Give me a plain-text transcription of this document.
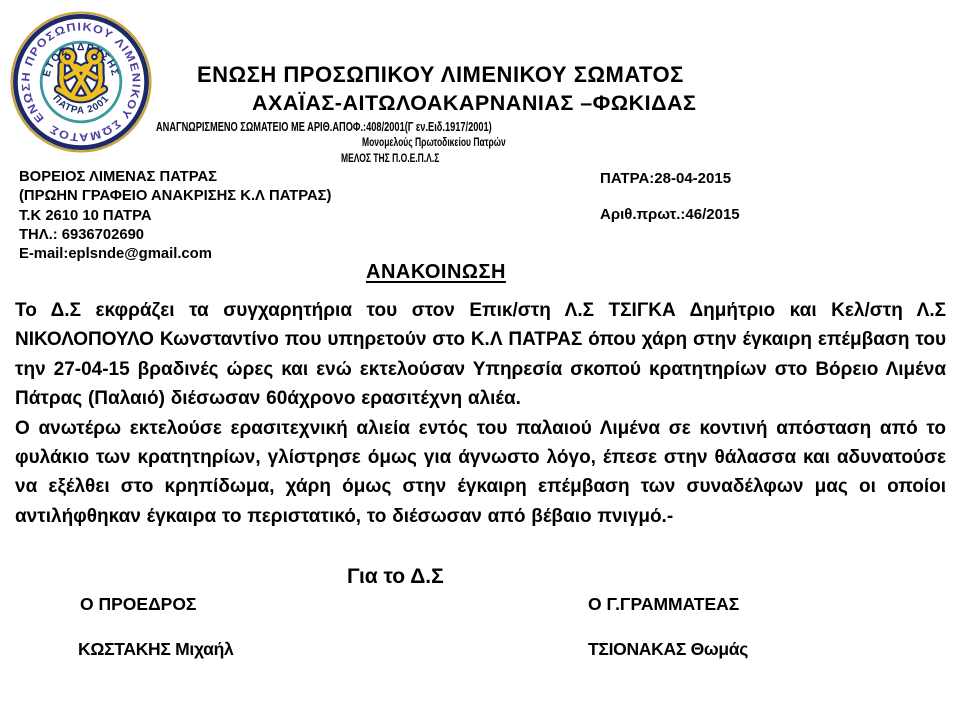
ΕΝΩΣΗ ΠΡΟΣΩΠΙΚΟΥ ΛΙΜΕΝΙΚΟΥ ΣΩΜΑΤΟΣ
ΕΤΟΣ ΙΔΡΥΣΗΣ
ΠΑΤΡΑ 2001
ΕΝΩΣΗ ΠΡΟΣΩΠΙΚΟΥ ΛΙΜΕΝΙΚΟΥ ΣΩΜΑΤΟΣ
ΑΧΑΪΑΣ-ΑΙΤΩΛΟΑΚΑΡΝΑΝΙΑΣ –ΦΩΚΙΔΑΣ
ΑΝΑΓΝΩΡΙΣΜΕΝΟ ΣΩΜΑΤΕΙΟ ΜΕ ΑΡΙΘ.ΑΠΟΦ.:408/2001(Γ εν.Ειδ.1917/2001)
Μονομελούς Πρωτοδικείου Πατρών
ΜΕΛΟΣ ΤΗΣ Π.Ο.Ε.Π.Λ.Σ
ΒΟΡΕΙΟΣ ΛΙΜΕΝΑΣ ΠΑΤΡΑΣ
(ΠΡΩΗΝ ΓΡΑΦΕΙΟ ΑΝΑΚΡΙΣΗΣ Κ.Λ ΠΑΤΡΑΣ)
Τ.Κ 2610 10 ΠΑΤΡΑ
ΤΗΛ.: 6936702690
E-mail:eplsnde@gmail.com
ΠΑΤΡΑ:28-04-2015
Αριθ.πρωτ.:46/2015
ΑΝΑΚΟΙΝΩΣΗ

Το Δ.Σ εκφράζει τα συγχαρητήρια του στον Επικ/στη Λ.Σ ΤΣΙΓΚΑ Δημήτριο και Κελ/στη Λ.Σ ΝΙΚΟΛΟΠΟΥΛΟ Κωνσταντίνο που υπηρετούν στο Κ.Λ ΠΑΤΡΑΣ όπου χάρη στην έγκαιρη επέμβαση του την 27-04-15 βραδινές ώρες και ενώ εκτελούσαν Υπηρεσία σκοπού κρατητηρίων στο Βόρειο Λιμένα Πάτρας (Παλαιό) διέσωσαν 60άχρονο ερασιτέχνη αλιέα.

Ο ανωτέρω εκτελούσε ερασιτεχνική αλιεία εντός του παλαιού Λιμένα σε κοντινή απόσταση από το φυλάκιο των κρατητηρίων, γλίστρησε όμως για άγνωστο λόγο, έπεσε στην θάλασσα και αδυνατούσε να εξέλθει στο κρηπίδωμα, χάρη όμως στην έγκαιρη επέμβαση των συναδέλφων μας οι οποίοι αντιλήφθηκαν έγκαιρα το περιστατικό, το διέσωσαν από βέβαιο πνιγμό.-

Για το Δ.Σ
Ο ΠΡΟΕΔΡΟΣ	Ο Γ.ΓΡΑΜΜΑΤΕΑΣ
ΚΩΣΤΑΚΗΣ Μιχαήλ	ΤΣΙΟΝΑΚΑΣ Θωμάς
